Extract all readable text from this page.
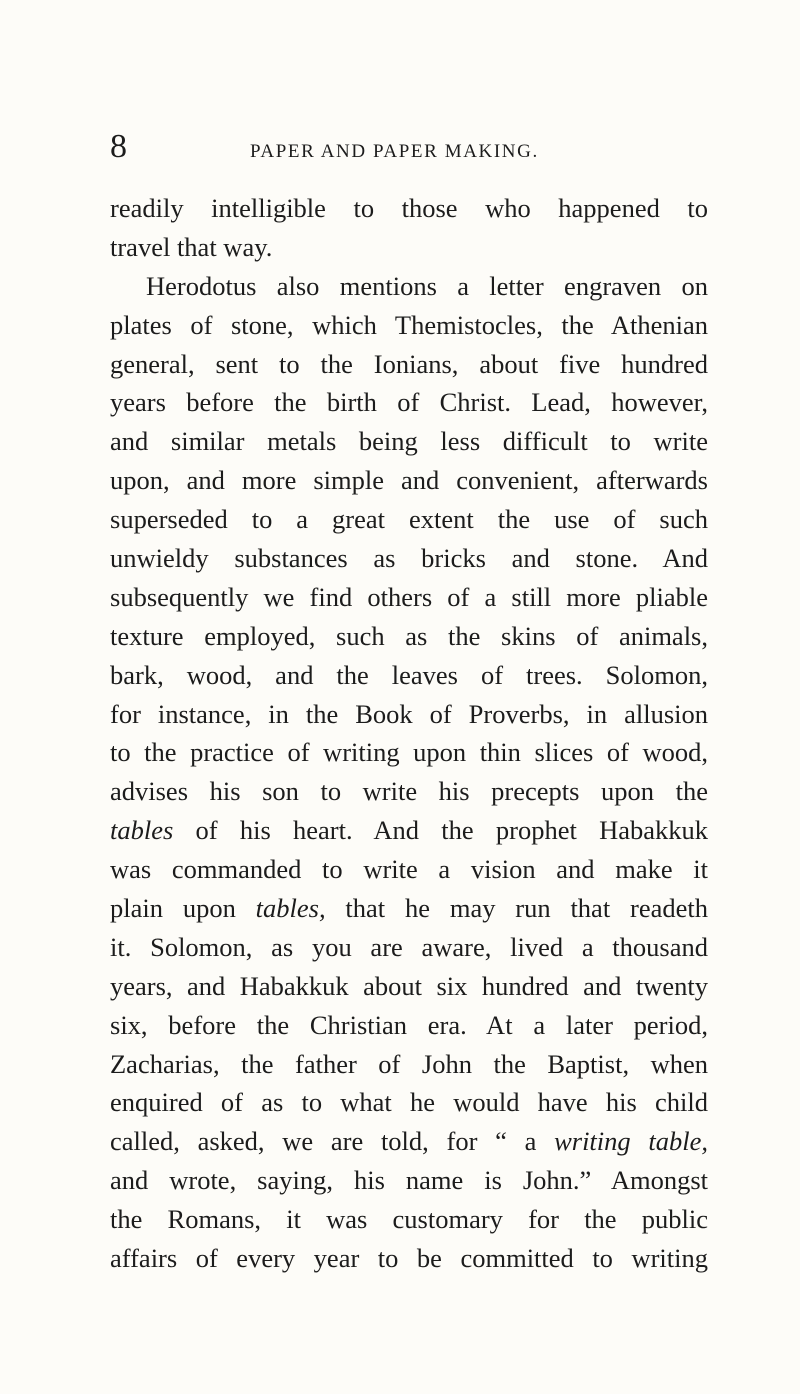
8	PAPER AND PAPER MAKING.
readily intelligible to those who happened to
travel that way.
Herodotus also mentions a letter engraven on
plates of stone, which Themistocles, the Athenian
general, sent to the Ionians, about five hundred
years before the birth of Christ. Lead, however,
and similar metals being less difficult to write
upon, and more simple and convenient, afterwards
superseded to a great extent the use of such
unwieldy substances as bricks and stone. And
subsequently we find others of a still more pliable
texture employed, such as the skins of animals,
bark, wood, and the leaves of trees. Solomon,
for instance, in the Book of Proverbs, in allusion
to the practice of writing upon thin slices of wood,
advises his son to write his precepts upon the
tables of his heart. And the prophet Habakkuk
was commanded to write a vision and make it
plain upon tables, that he may run that readeth
it. Solomon, as you are aware, lived a thousand
years, and Habakkuk about six hundred and twenty
six, before the Christian era. At a later period,
Zacharias, the father of John the Baptist, when
enquired of as to what he would have his child
called, asked, we are told, for “ a writing table,
and wrote, saying, his name is John.” Amongst
the Romans, it was customary for the public
affairs of every year to be committed to writing
